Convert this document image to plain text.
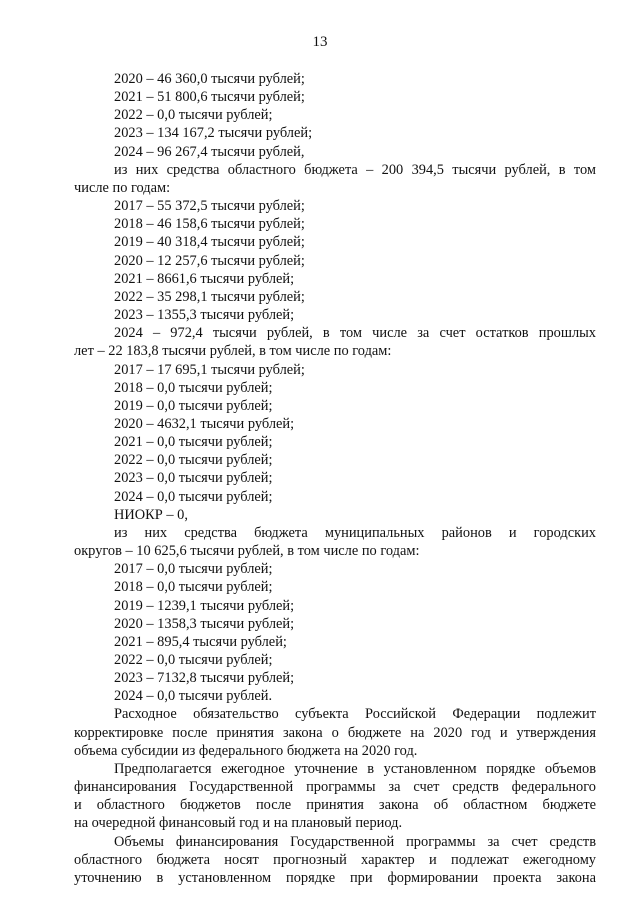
13
2020 – 46 360,0 тысячи рублей;
2021 – 51 800,6 тысячи рублей;
2022 – 0,0 тысячи рублей;
2023 – 134 167,2 тысячи рублей;
2024 – 96 267,4 тысячи рублей,
из них средства областного бюджета – 200 394,5 тысячи рублей, в том
числе по годам:
2017 – 55 372,5 тысячи рублей;
2018 – 46 158,6 тысячи рублей;
2019 – 40 318,4 тысячи рублей;
2020 – 12 257,6 тысячи рублей;
2021 – 8661,6 тысячи рублей;
2022 – 35 298,1 тысячи рублей;
2023 – 1355,3 тысячи рублей;
2024 – 972,4 тысячи рублей, в том числе за счет остатков прошлых
лет – 22 183,8 тысячи рублей, в том числе по годам:
2017 – 17 695,1 тысячи рублей;
2018 – 0,0 тысячи рублей;
2019 – 0,0 тысячи рублей;
2020 – 4632,1 тысячи рублей;
2021 – 0,0 тысячи рублей;
2022 – 0,0 тысячи рублей;
2023 – 0,0 тысячи рублей;
2024 – 0,0 тысячи рублей;
НИОКР – 0,
из них средства бюджета муниципальных районов и городских
округов – 10 625,6 тысячи рублей, в том числе по годам:
2017 – 0,0 тысячи рублей;
2018 – 0,0 тысячи рублей;
2019 – 1239,1 тысячи рублей;
2020 – 1358,3 тысячи рублей;
2021 – 895,4 тысячи рублей;
2022 – 0,0 тысячи рублей;
2023 – 7132,8 тысячи рублей;
2024 – 0,0 тысячи рублей.
Расходное обязательство субъекта Российской Федерации подлежит
корректировке после принятия закона о бюджете на 2020 год и утверждения
объема субсидии из федерального бюджета на 2020 год.
Предполагается ежегодное уточнение в установленном порядке объемов
финансирования Государственной программы за счет средств федерального
и областного бюджетов после принятия закона об областном бюджете
на очередной финансовый год и на плановый период.
Объемы финансирования Государственной программы за счет средств
областного бюджета носят прогнозный характер и подлежат ежегодному
уточнению в установленном порядке при формировании проекта закона
